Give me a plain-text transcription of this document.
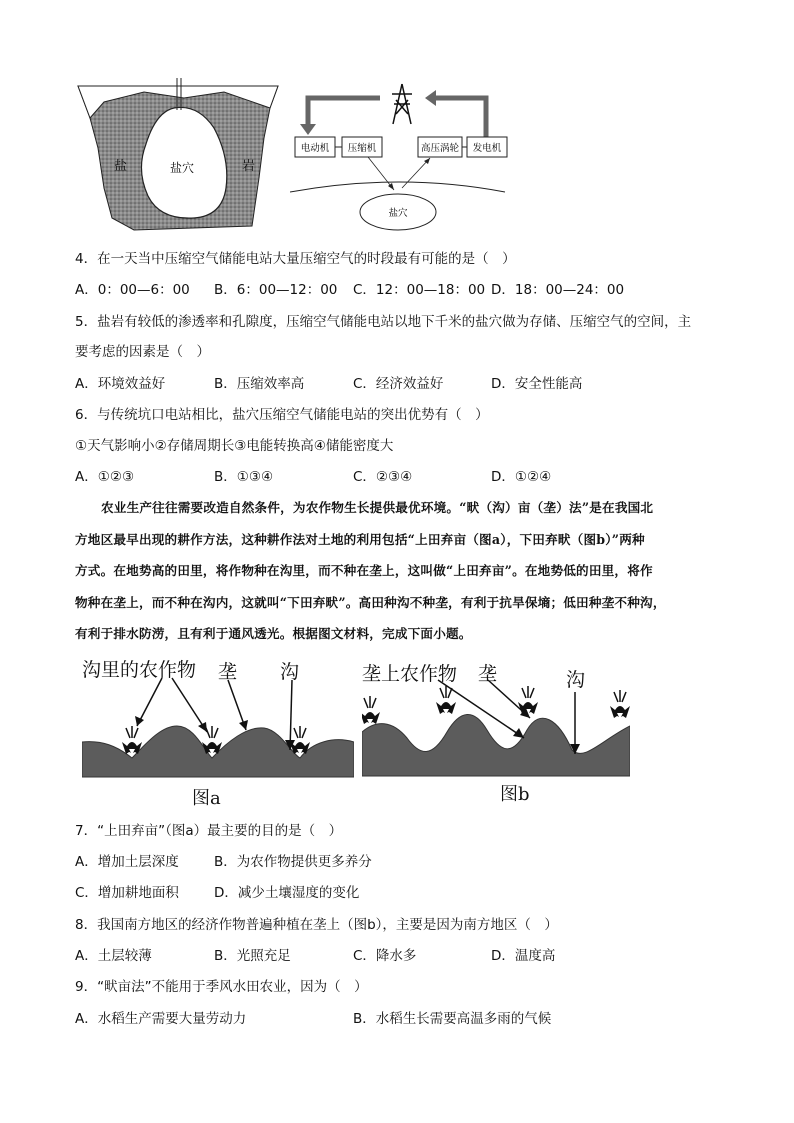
盐	盐穴	岩
电动机 压缩机	高压涡轮 发电机
盐穴
4．在一天当中压缩空气储能电站大量压缩空气的时段最有可能的是（　）
A．0：00—6：00 B．6：00—12：00 C．12：00—18：00 D．18：00—24：00
5．盐岩有较低的渗透率和孔隙度，压缩空气储能电站以地下千米的盐穴做为存储、压缩空气的空间，主
要考虑的因素是（　）
A．环境效益好	B．压缩效率高	C．经济效益好	D．安全性能高
6．与传统坑口电站相比，盐穴压缩空气储能电站的突出优势有（　）
①天气影响小②存储周期长③电能转换高④储能密度大
A．①②③	B．①③④	C．②③④	D．①②④
农业生产往往需要改造自然条件，为农作物生长提供最优环境。“畎（沟）亩（垄）法”是在我国北
方地区最早出现的耕作方法，这种耕作法对土地的利用包括“上田弃亩（图a），下田弃畎（图b）”两种
方式。在地势高的田里，将作物种在沟里，而不种在垄上，这叫做“上田弃亩”。在地势低的田里，将作
物种在垄上，而不种在沟内，这就叫“下田弃畎”。高田种沟不种垄，有利于抗旱保墒；低田种垄不种沟，
有利于排水防涝，且有利于通风透光。根据图文材料，完成下面小题。
沟里的农作物 垄 沟
图a
垄上农作物 垄	沟
图b
7．“上田弃亩”（图a）最主要的目的是（　）
A．增加土层深度	B．为农作物提供更多养分
C．增加耕地面积	D．减少土壤湿度的变化
8．我国南方地区的经济作物普遍种植在垄上（图b），主要是因为南方地区（　）
A．土层较薄	B．光照充足	C．降水多	D．温度高
9．“畎亩法”不能用于季风水田农业，因为（　）
A．水稻生产需要大量劳动力	B．水稻生长需要高温多雨的气候
